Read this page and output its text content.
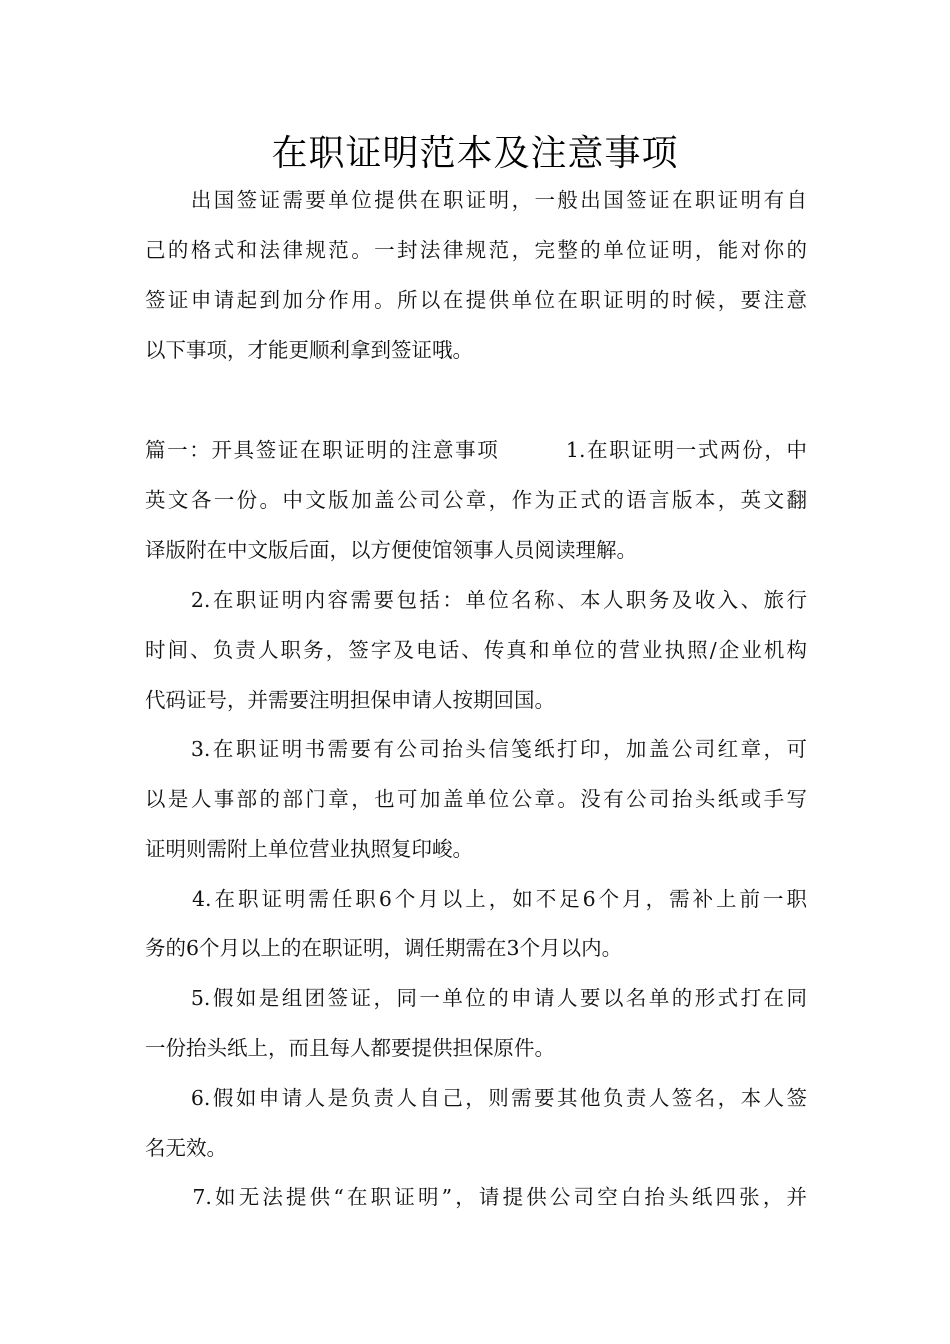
在职证明范本及注意事项
　　出国签证需要单位提供在职证明，一般出国签证在职证明有自
己的格式和法律规范。一封法律规范，完整的单位证明，能对你的
签证申请起到加分作用。所以在提供单位在职证明的时候，要注意
以下事项，才能更顺利拿到签证哦。
篇一：开具签证在职证明的注意事项　　　1.在职证明一式两份，中
英文各一份。中文版加盖公司公章，作为正式的语言版本，英文翻
译版附在中文版后面，以方便使馆领事人员阅读理解。
　　2.在职证明内容需要包括：单位名称、本人职务及收入、旅行
时间、负责人职务，签字及电话、传真和单位的营业执照/企业机构
代码证号，并需要注明担保申请人按期回国。
　　3.在职证明书需要有公司抬头信笺纸打印，加盖公司红章，可
以是人事部的部门章，也可加盖单位公章。没有公司抬头纸或手写
证明则需附上单位营业执照复印峻。
　　4.在职证明需任职6个月以上，如不足6个月，需补上前一职
务的6个月以上的在职证明，调任期需在3个月以内。
　　5.假如是组团签证，同一单位的申请人要以名单的形式打在同
一份抬头纸上，而且每人都要提供担保原件。
　　6.假如申请人是负责人自己，则需要其他负责人签名，本人签
名无效。
　　7.如无法提供“在职证明”，请提供公司空白抬头纸四张，并
